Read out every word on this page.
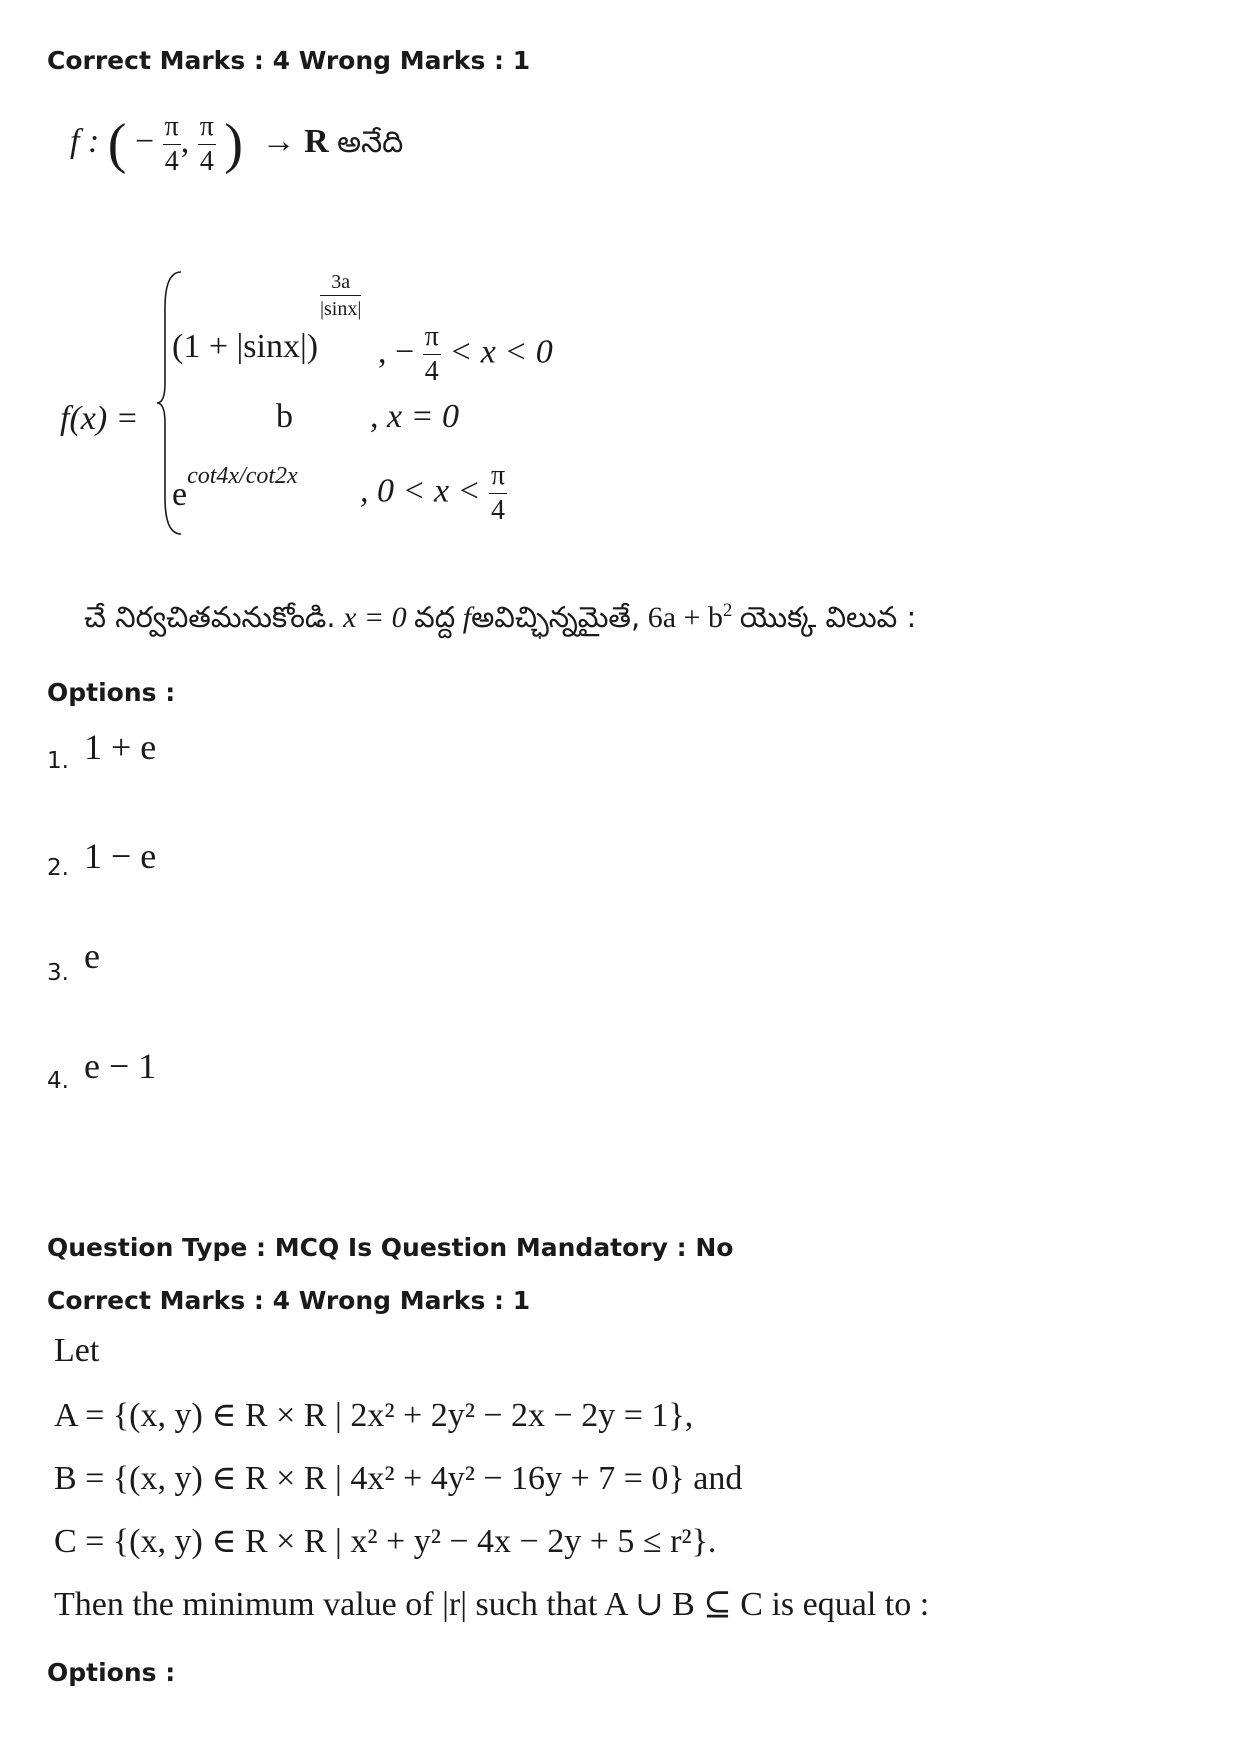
Correct Marks : 4 Wrong Marks : 1
f : ( − $\frac{\pi}{4}$ , $\frac{\pi}{4}$ ) → R అనేది
f(x) =
(1 + |sinx|)
$\frac{3a}{|\sin x|}$
, − $\frac{\pi}{4} < x < 0$
b , x = 0
$e^{cot4x/cot2x}$ , $0 < x < \frac{\pi}{4}$
చే నిర్వచితమనుకోండి. x = 0 వద్ద fఅవిచ్ఛిన్నమైతే, $6a + b^2$ యొక్క విలువ :
Options :
1. 1 + e
2. 1 − e
3. e
4. e − 1
Question Type : MCQ Is Question Mandatory : No
Correct Marks : 4 Wrong Marks : 1
Let
A = {(x, y) ∈ R × R | 2x² + 2y² − 2x − 2y = 1},
B = {(x, y) ∈ R × R | 4x² + 4y² − 16y + 7 = 0} and
C = {(x, y) ∈ R × R | x² + y² − 4x − 2y + 5 ≤ r²}.
Then the minimum value of |r| such that A ∪ B ⊆ C is equal to :
Options :
